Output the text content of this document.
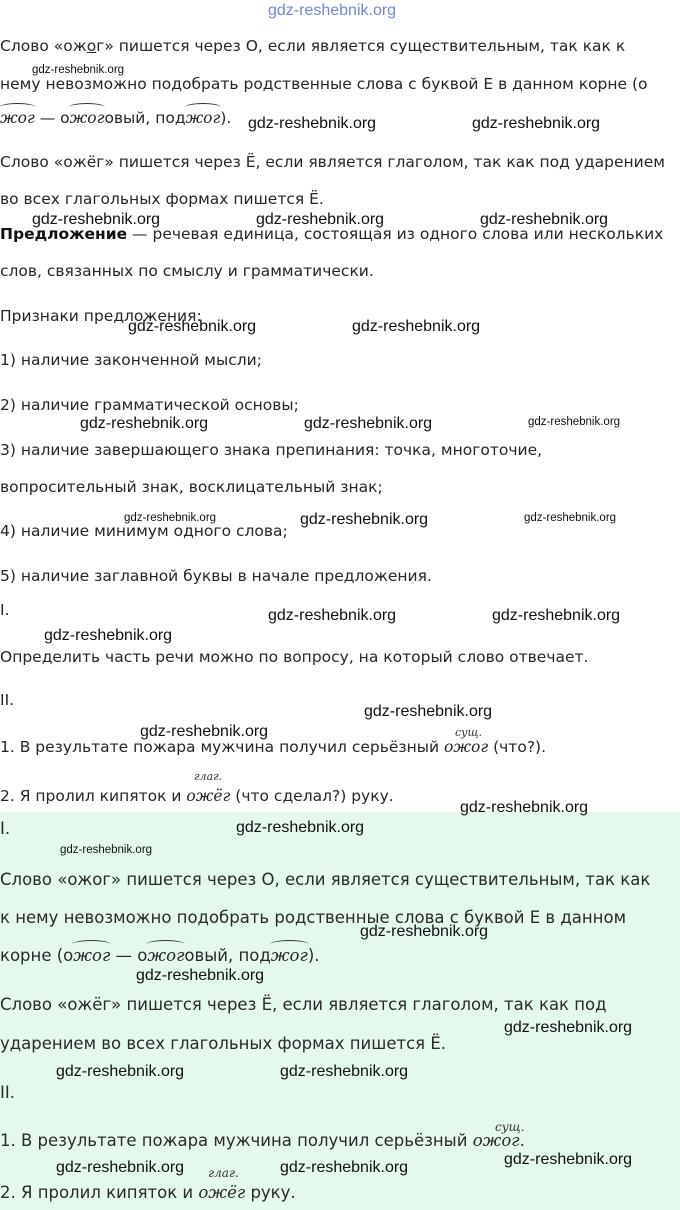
gdz-reshebnik.org
Слово «ожог» пишется через О, если является существительным, так как к
нему невозможно подобрать родственные слова с буквой Е в данном корне (о
жог — ожоговый, поджог).
Слово «ожёг» пишется через Ё, если является глаголом, так как под ударением
во всех глагольных формах пишется Ё.
Предложение — речевая единица, состоящая из одного слова или нескольких
слов, связанных по смыслу и грамматически.
Признаки предложения:
1) наличие законченной мысли;
2) наличие грамматической основы;
3) наличие завершающего знака препинания: точка, многоточие,
вопросительный знак, восклицательный знак;
4) наличие минимум одного слова;
5) наличие заглавной буквы в начале предложения.
I.
Определить часть речи можно по вопросу, на который слово отвечает.
II.
сущ.
1. В результате пожара мужчина получил серьёзный ожог (что?).
глаг.
2. Я пролил кипяток и ожёг (что сделал?) руку.
I.
Слово «ожог» пишется через О, если является существительным, так как
к нему невозможно подобрать родственные слова с буквой Е в данном
корне (ожог — ожоговый, поджог).
Слово «ожёг» пишется через Ё, если является глаголом, так как под
ударением во всех глагольных формах пишется Ё.
II.
сущ.
1. В результате пожара мужчина получил серьёзный ожог.
глаг.
2. Я пролил кипяток и ожёг руку.
gdz-reshebnik.org
gdz-reshebnik.org	gdz-reshebnik.org
gdz-reshebnik.org	gdz-reshebnik.org	gdz-reshebnik.org
gdz-reshebnik.org	gdz-reshebnik.org
gdz-reshebnik.org	gdz-reshebnik.org	gdz-reshebnik.org
gdz-reshebnik.org	gdz-reshebnik.org	gdz-reshebnik.org
gdz-reshebnik.org	gdz-reshebnik.org
gdz-reshebnik.org
gdz-reshebnik.org
gdz-reshebnik.org
gdz-reshebnik.org
gdz-reshebnik.org
gdz-reshebnik.org
gdz-reshebnik.org
gdz-reshebnik.org
gdz-reshebnik.org
gdz-reshebnik.org	gdz-reshebnik.org
gdz-reshebnik.org
gdz-reshebnik.org	gdz-reshebnik.org
